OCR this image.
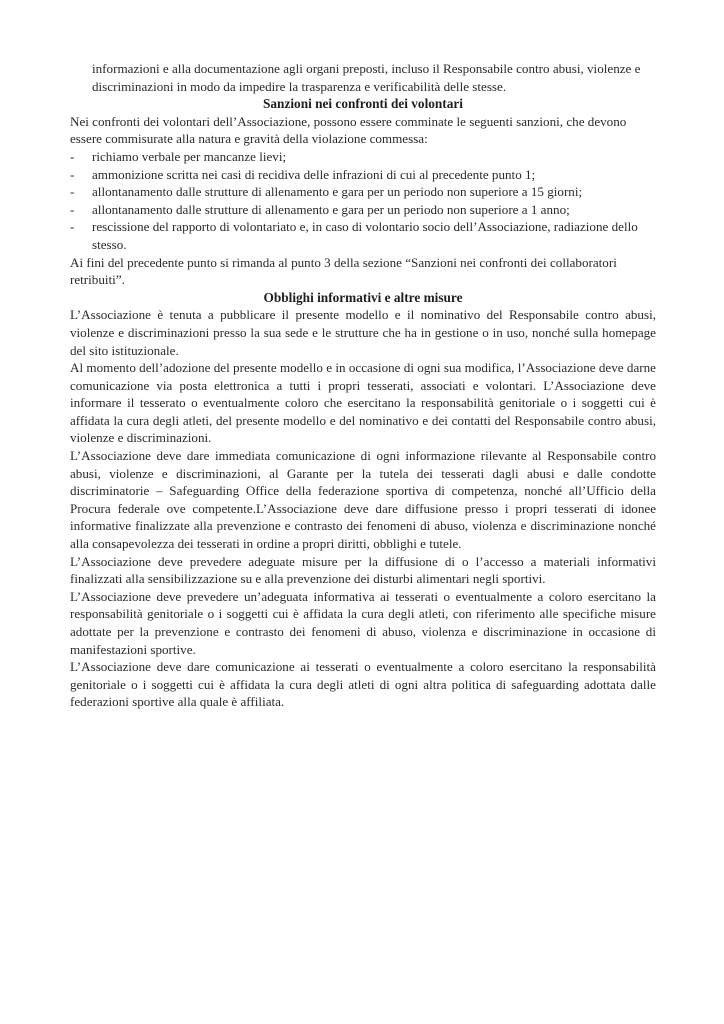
informazioni e alla documentazione agli organi preposti, incluso il Responsabile contro abusi, violenze e discriminazioni in modo da impedire la trasparenza e verificabilità delle stesse.

Sanzioni nei confronti dei volontari

Nei confronti dei volontari dell’Associazione, possono essere comminate le seguenti sanzioni, che devono essere commisurate alla natura e gravità della violazione commessa:

- richiamo verbale per mancanze lievi;
- ammonizione scritta nei casi di recidiva delle infrazioni di cui al precedente punto 1;
- allontanamento dalle strutture di allenamento e gara per un periodo non superiore a 15 giorni;
- allontanamento dalle strutture di allenamento e gara per un periodo non superiore a 1 anno;
- rescissione del rapporto di volontariato e, in caso di volontario socio dell’Associazione, radiazione dello stesso.

Ai fini del precedente punto si rimanda al punto 3 della sezione “Sanzioni nei confronti dei collaboratori retribuiti”.

Obblighi informativi e altre misure

L’Associazione è tenuta a pubblicare il presente modello e il nominativo del Responsabile contro abusi, violenze e discriminazioni presso la sua sede e le strutture che ha in gestione o in uso, nonché sulla homepage del sito istituzionale.

Al momento dell’adozione del presente modello e in occasione di ogni sua modifica, l’Associazione deve darne comunicazione via posta elettronica a tutti i propri tesserati, associati e volontari. L’Associazione deve informare il tesserato o eventualmente coloro che esercitano la responsabilità genitoriale o i soggetti cui è affidata la cura degli atleti, del presente modello e del nominativo e dei contatti del Responsabile contro abusi, violenze e discriminazioni.

L’Associazione deve dare immediata comunicazione di ogni informazione rilevante al Responsabile contro abusi, violenze e discriminazioni, al Garante per la tutela dei tesserati dagli abusi e dalle condotte discriminatorie – Safeguarding Office della federazione sportiva di competenza, nonché all’Ufficio della Procura federale ove competente.L’Associazione deve dare diffusione presso i propri tesserati di idonee informative finalizzate alla prevenzione e contrasto dei fenomeni di abuso, violenza e discriminazione nonché alla consapevolezza dei tesserati in ordine a propri diritti, obblighi e tutele.

L’Associazione deve prevedere adeguate misure per la diffusione di o l’accesso a materiali informativi finalizzati alla sensibilizzazione su e alla prevenzione dei disturbi alimentari negli sportivi.

L’Associazione deve prevedere un’adeguata informativa ai tesserati o eventualmente a coloro esercitano la responsabilità genitoriale o i soggetti cui è affidata la cura degli atleti, con riferimento alle specifiche misure adottate per la prevenzione e contrasto dei fenomeni di abuso, violenza e discriminazione in occasione di manifestazioni sportive.

L’Associazione deve dare comunicazione ai tesserati o eventualmente a coloro esercitano la responsabilità genitoriale o i soggetti cui è affidata la cura degli atleti di ogni altra politica di safeguarding adottata dalle federazioni sportive alla quale è affiliata.
